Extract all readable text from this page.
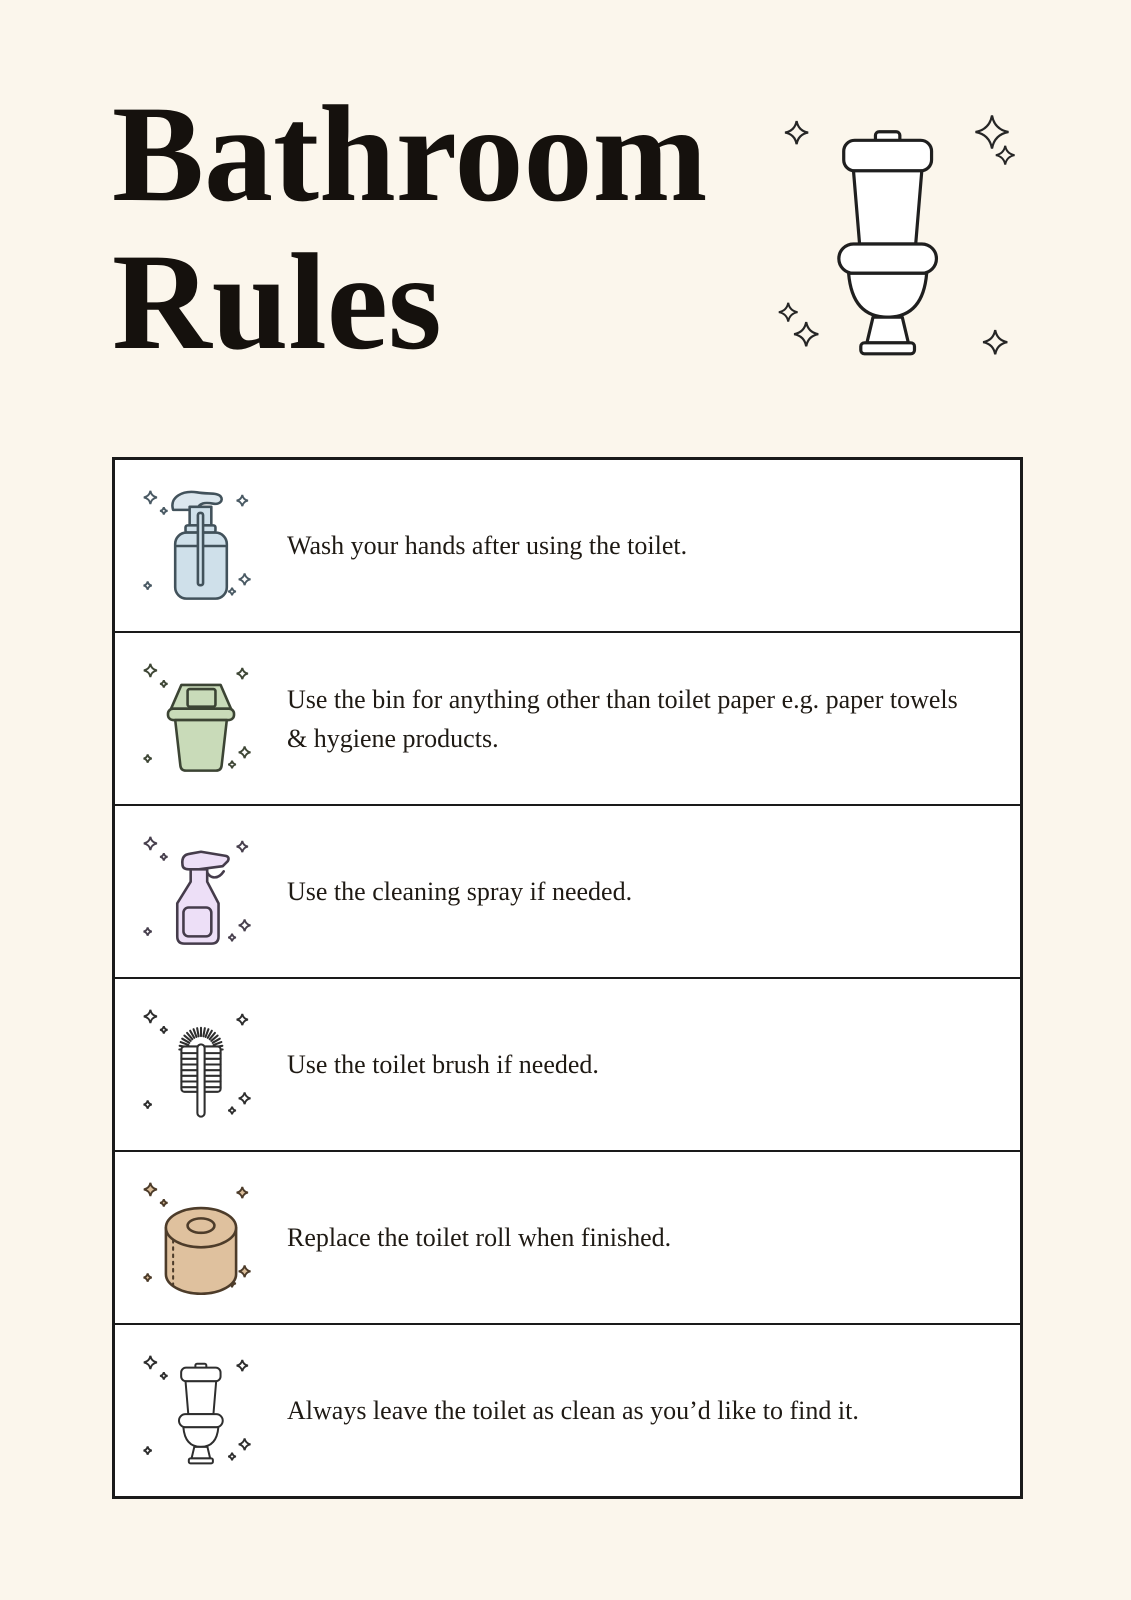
Bathroom
Rules

Wash your hands after using the toilet.

Use the bin for anything other than toilet paper e.g. paper towels & hygiene products.

Use the cleaning spray if needed.

Use the toilet brush if needed.

Replace the toilet roll when finished.

Always leave the toilet as clean as you’d like to find it.
